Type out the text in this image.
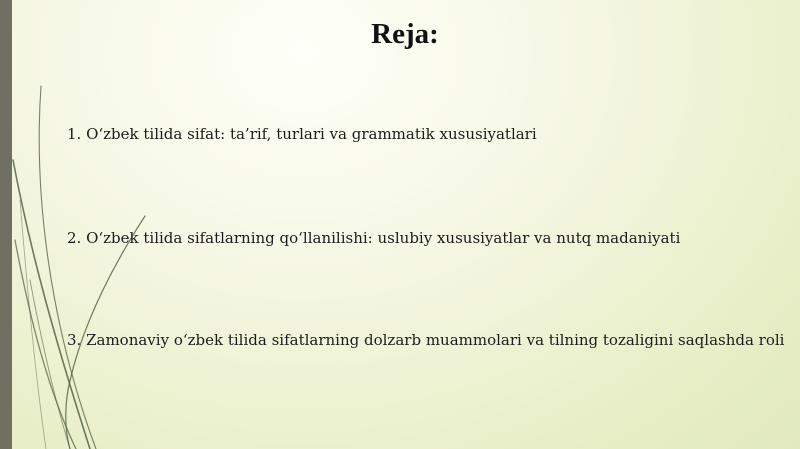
Reja:
1. O‘zbek tilida sifat: ta’rif, turlari va grammatik xususiyatlari
2. O‘zbek tilida sifatlarning qo‘llanilishi: uslubiy xususiyatlar va nutq madaniyati
3. Zamonaviy o‘zbek tilida sifatlarning dolzarb muammolari va tilning tozaligini saqlashda roli
